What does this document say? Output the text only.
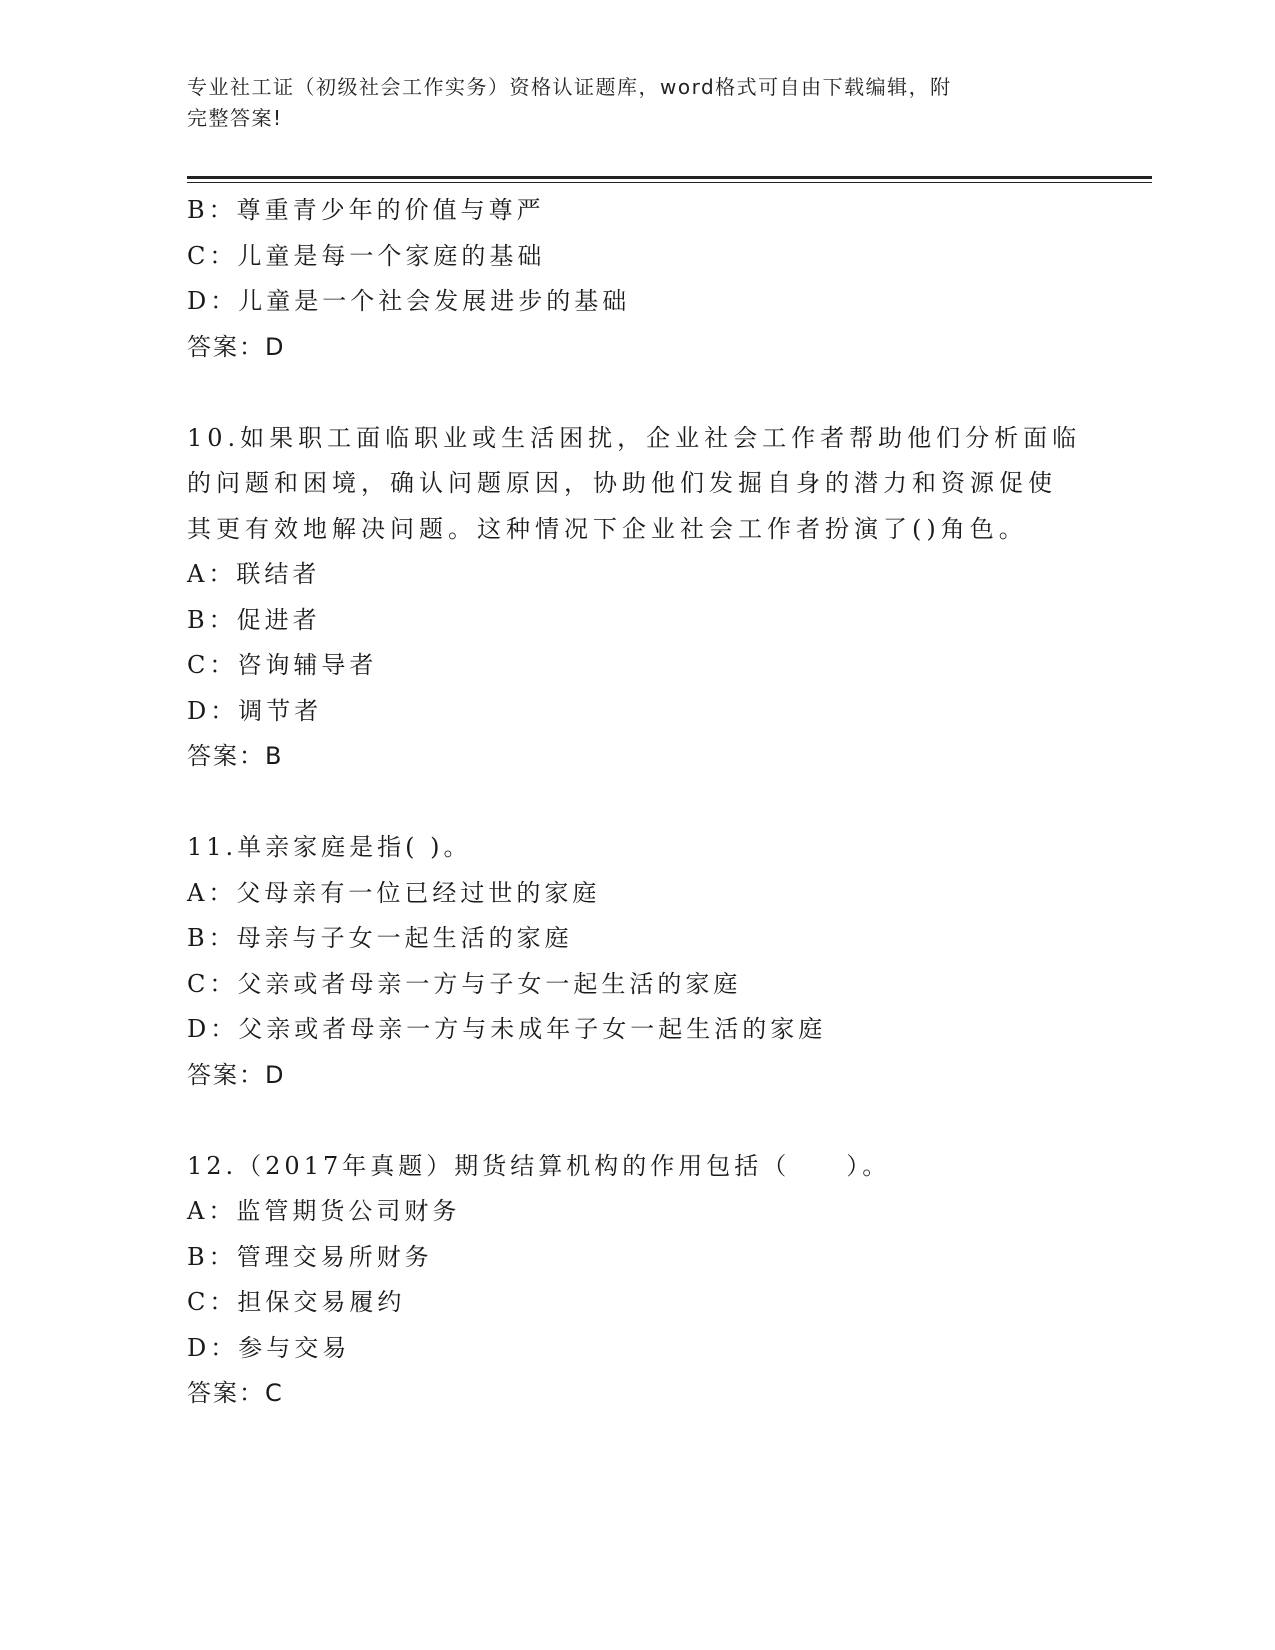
专业社工证（初级社会工作实务）资格认证题库，word格式可自由下载编辑，附
完整答案!
B：尊重青少年的价值与尊严
C：儿童是每一个家庭的基础
D：儿童是一个社会发展进步的基础
答案：D
10.如果职工面临职业或生活困扰，企业社会工作者帮助他们分析面临
的问题和困境，确认问题原因，协助他们发掘自身的潜力和资源促使
其更有效地解决问题。这种情况下企业社会工作者扮演了()角色。
A：联结者
B：促进者
C：咨询辅导者
D：调节者
答案：B
11.单亲家庭是指( )。
A：父母亲有一位已经过世的家庭
B：母亲与子女一起生活的家庭
C：父亲或者母亲一方与子女一起生活的家庭
D：父亲或者母亲一方与未成年子女一起生活的家庭
答案：D
12.（2017年真题）期货结算机构的作用包括（　　）。
A：监管期货公司财务
B：管理交易所财务
C：担保交易履约
D：参与交易
答案：C
